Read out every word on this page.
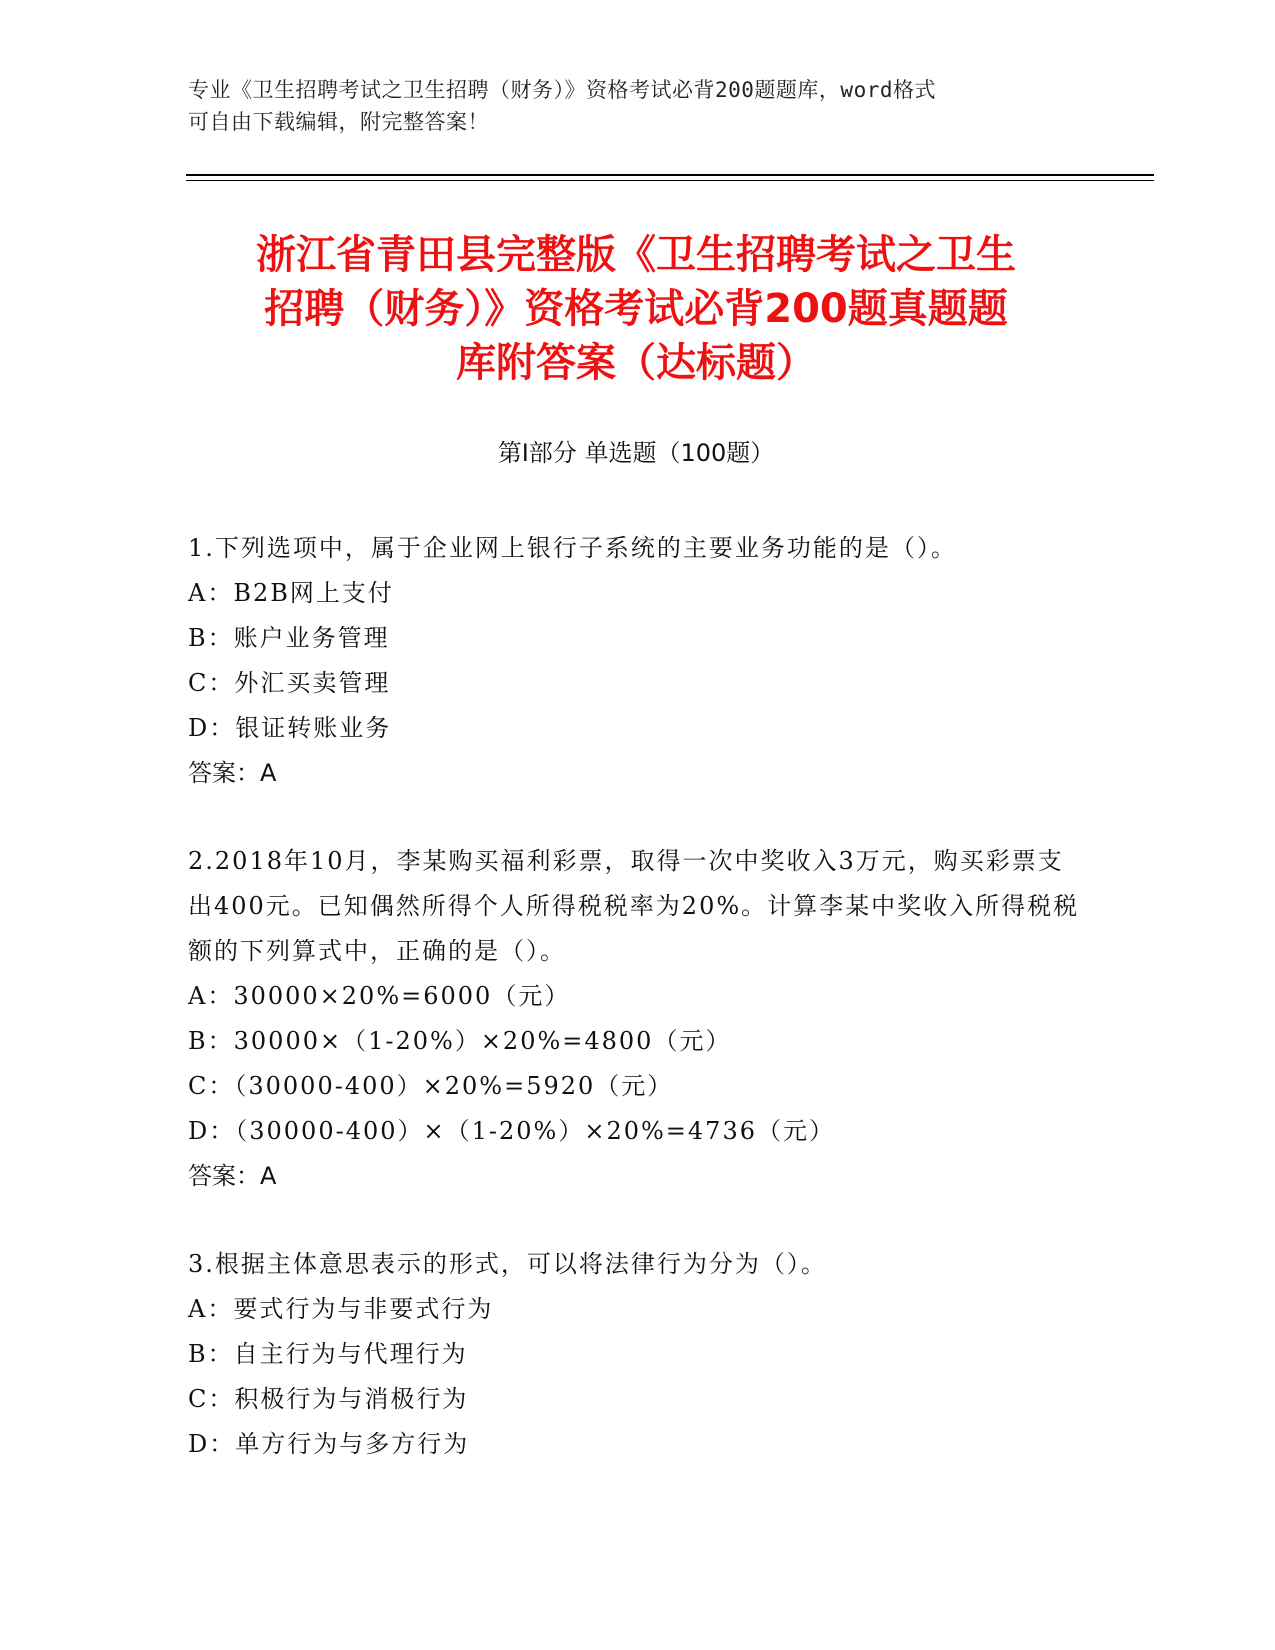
专业《卫生招聘考试之卫生招聘（财务）》资格考试必背200题题库，word格式
可自由下载编辑，附完整答案！
浙江省青田县完整版《卫生招聘考试之卫生
招聘（财务）》资格考试必背200题真题题
库附答案（达标题）
第Ⅰ部分 单选题（100题）

1.下列选项中，属于企业网上银行子系统的主要业务功能的是（）。

A：B2B网上支付

B：账户业务管理

C：外汇买卖管理

D：银证转账业务

答案：A

2.2018年10月，李某购买福利彩票，取得一次中奖收入3万元，购买彩票支出400元。已知偶然所得个人所得税税率为20%。计算李某中奖收入所得税税额的下列算式中，正确的是（）。

A：30000×20%=6000（元）

B：30000×（1-20%）×20%=4800（元）

C：（30000-400）×20%=5920（元）

D：（30000-400）×（1-20%）×20%=4736（元）

答案：A

3.根据主体意思表示的形式，可以将法律行为分为（）。

A：要式行为与非要式行为

B：自主行为与代理行为

C：积极行为与消极行为

D：单方行为与多方行为
